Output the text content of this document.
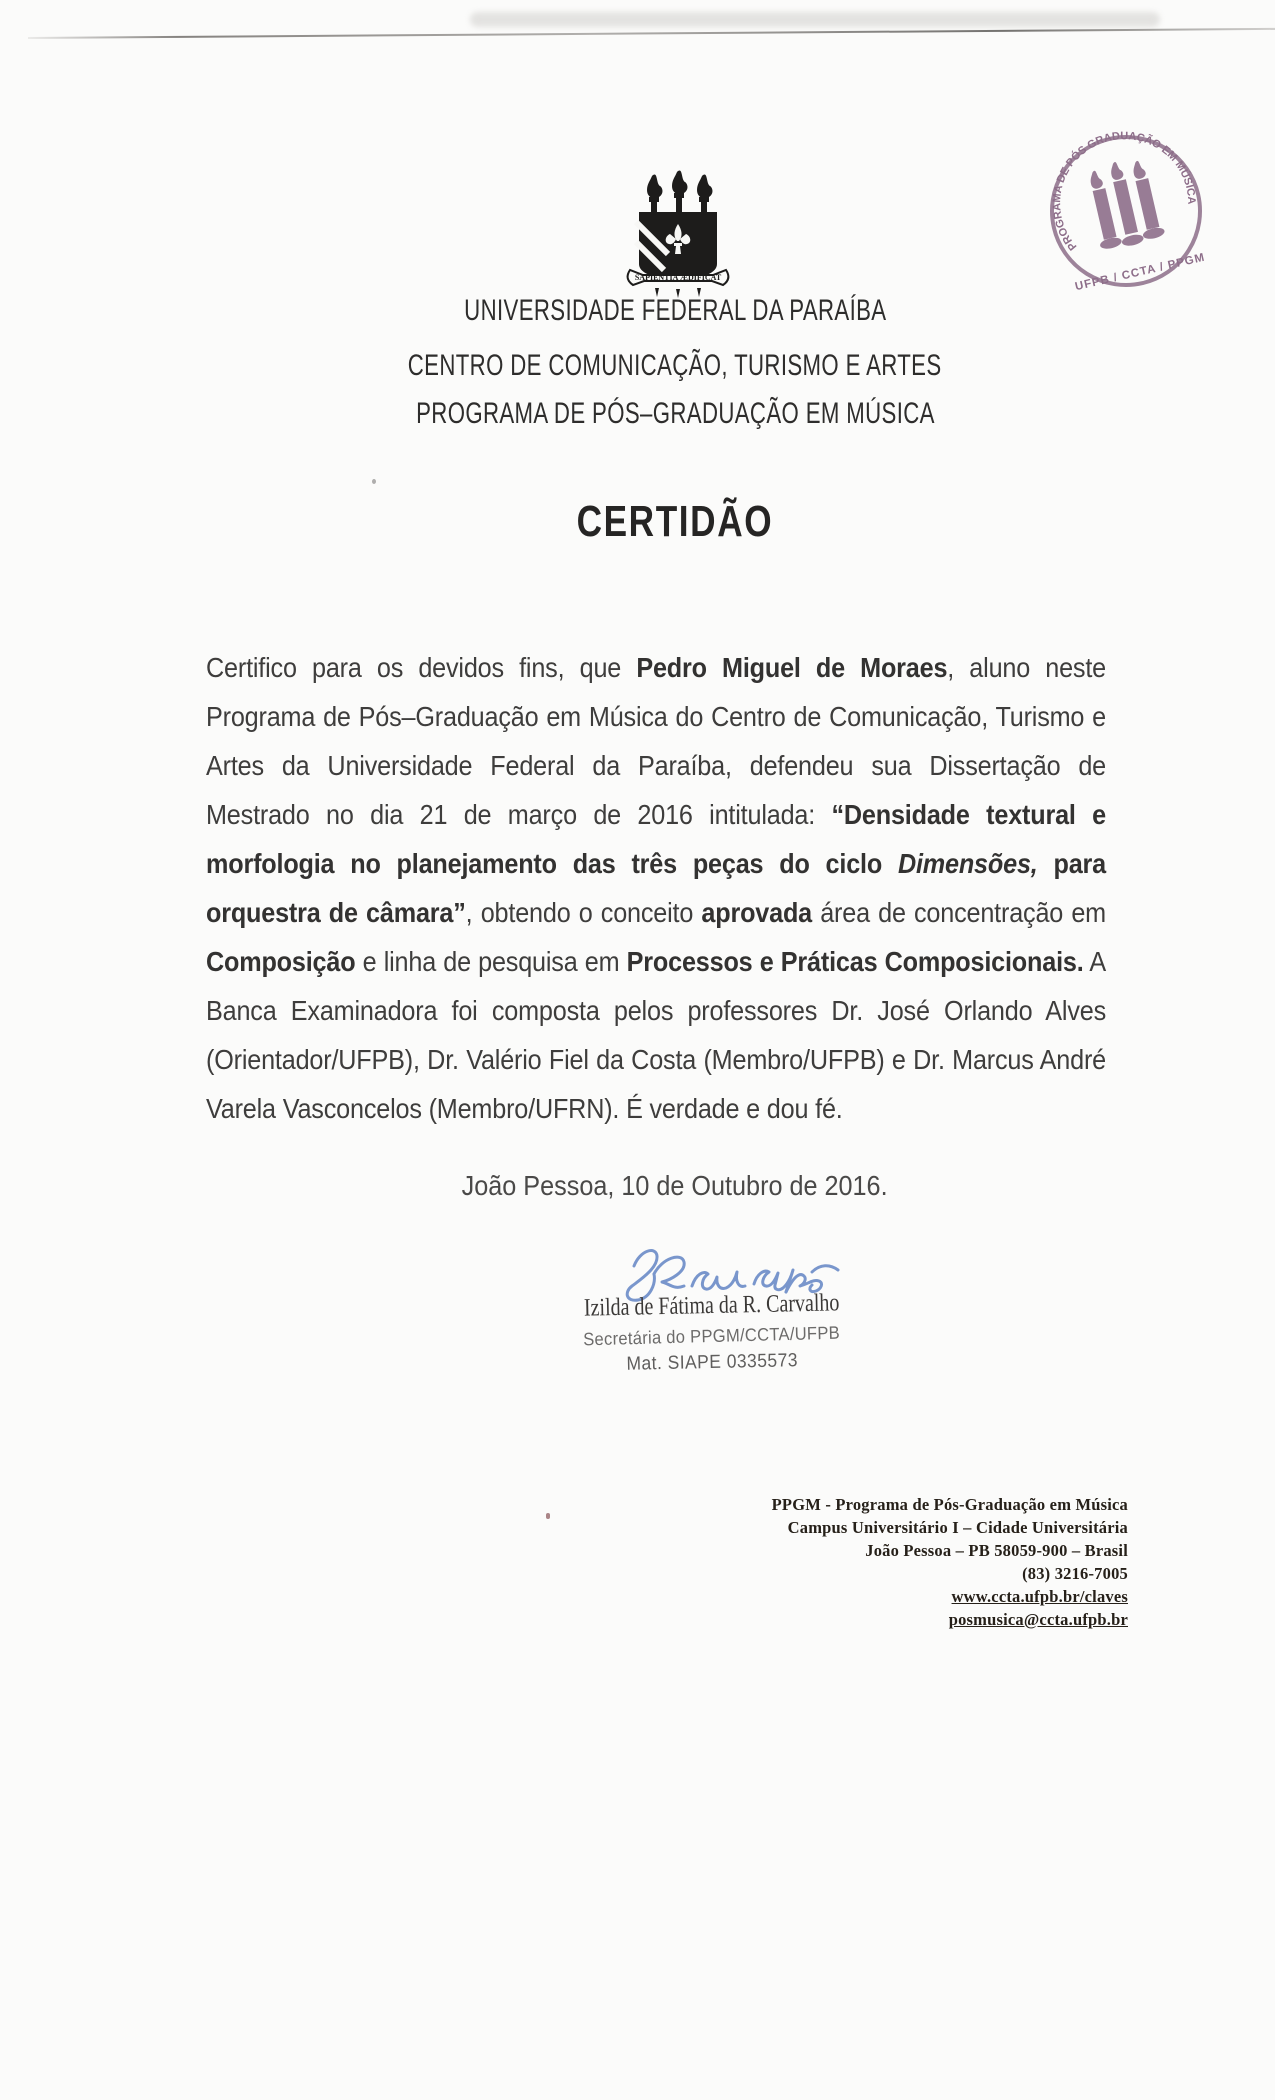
SAPIENTIA ÆDIFICAT
PROGRAMA DE PÓS GRADUAÇÃO EM MÚSICA
UFPB / CCTA / PPGM
UNIVERSIDADE FEDERAL DA PARAÍBA
CENTRO DE COMUNICAÇÃO, TURISMO E ARTES
PROGRAMA DE PÓS–GRADUAÇÃO EM MÚSICA
CERTIDÃO

Certifico para os devidos fins, que Pedro Miguel de Moraes, aluno neste Programa de Pós–Graduação em Música do Centro de Comunicação, Turismo e Artes da Universidade Federal da Paraíba, defendeu sua Dissertação de Mestrado no dia 21 de março de 2016 intitulada: “Densidade textural e morfologia no planejamento das três peças do ciclo Dimensões, para orquestra de câmara”, obtendo o conceito aprovada área de concentração em Composição e linha de pesquisa em Processos e Práticas Composicionais. A Banca Examinadora foi composta pelos professores Dr. José Orlando Alves (Orientador/UFPB), Dr. Valério Fiel da Costa (Membro/UFPB) e Dr. Marcus André Varela Vasconcelos (Membro/UFRN). É verdade e dou fé.

João Pessoa, 10 de Outubro de 2016.
Izilda de Fátima da R. Carvalho
Secretária do PPGM/CCTA/UFPB
Mat. SIAPE 0335573
PPGM - Programa de Pós-Graduação em Música
Campus Universitário I – Cidade Universitária
João Pessoa – PB 58059-900 – Brasil
(83) 3216-7005
www.ccta.ufpb.br/claves
posmusica@ccta.ufpb.br
